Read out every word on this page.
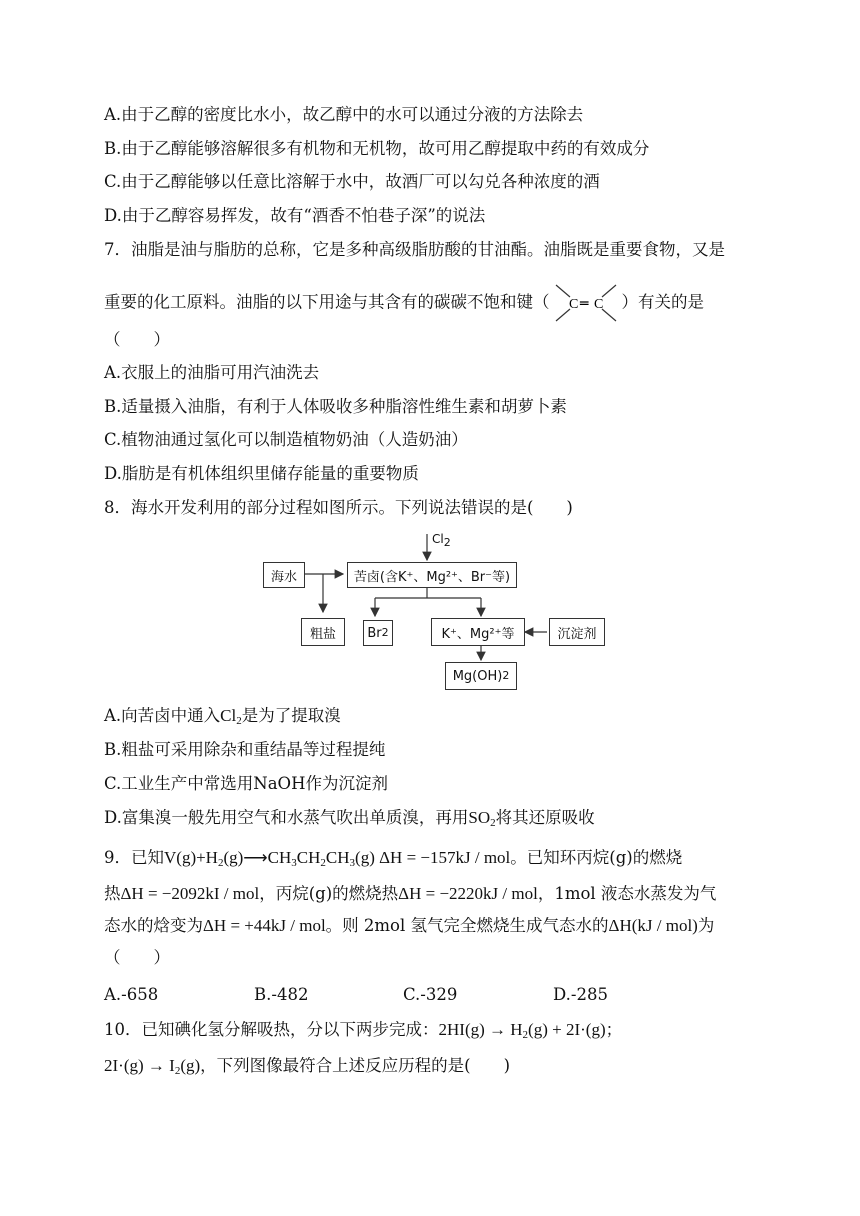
A.由于乙醇的密度比水小，故乙醇中的水可以通过分液的方法除去
B.由于乙醇能够溶解很多有机物和无机物，故可用乙醇提取中药的有效成分
C.由于乙醇能够以任意比溶解于水中，故酒厂可以勾兑各种浓度的酒
D.由于乙醇容易挥发，故有“酒香不怕巷子深”的说法
7．油脂是油与脂肪的总称，它是多种高级脂肪酸的甘油酯。油脂既是重要食物，又是
重要的化工原料。油脂的以下用途与其含有的碳碳不饱和键（ C ═ C ）有关的是
（　　）
A.衣服上的油脂可用汽油洗去
B.适量摄入油脂，有利于人体吸收多种脂溶性维生素和胡萝卜素
C.植物油通过氢化可以制造植物奶油（人造奶油）
D.脂肪是有机体组织里储存能量的重要物质
8．海水开发利用的部分过程如图所示。下列说法错误的是(　　)
$Cl_2$
海水	苦卤(含K⁺、Mg²⁺、Br⁻等)
粗盐	Br 2	K⁺、Mg²⁺等	沉淀剂
Mg(OH) 2
A.向苦卤中通入$Cl_2$是为了提取溴
B.粗盐可采用除杂和重结晶等过程提纯
C.工业生产中常选用NaOH作为沉淀剂
D.富集溴一般先用空气和水蒸气吹出单质溴，再用$SO_2$将其还原吸收
9．已知$V(g)+H_2(g)⟶CH_3CH_2CH_3(g) \Delta H = -157kJ$ / mol。已知环丙烷(g)的燃烧
热ΔH = −2092kI / mol，丙烷(g)的燃烧热ΔH = −2220kJ / mol，1mol 液态水蒸发为气
态水的焓变为ΔH = +44kJ / mol。则 2mol 氢气完全燃烧生成气态水的ΔH(kJ / mol)为
（　　）
A.-658	B.-482	C.-329	D.-285
10．已知碘化氢分解吸热，分以下两步完成：$2HI(g) \to H_2(g) + 2I\cdot(g)$；
$2I\cdot(g) \to I_2(g)$，下列图像最符合上述反应历程的是(　　)
